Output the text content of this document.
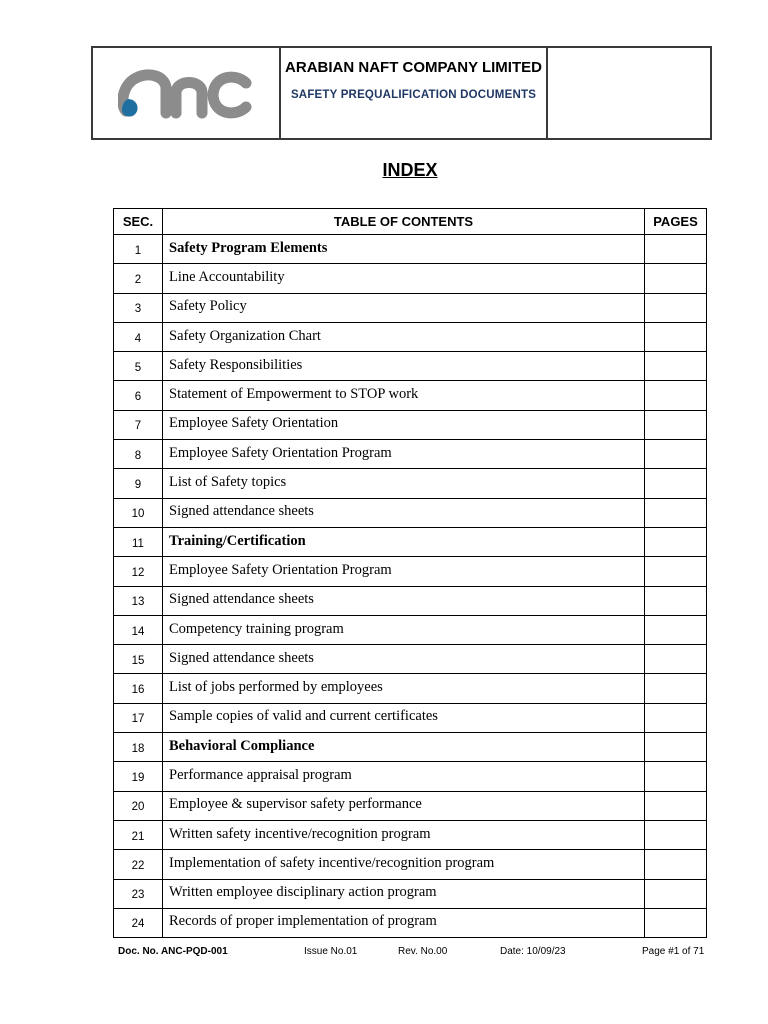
ARABIAN NAFT COMPANY LIMITED
SAFETY PREQUALIFICATION DOCUMENTS
INDEX
SEC.	TABLE OF CONTENTS	PAGES
1	Safety Program Elements	
2	Line Accountability	
3	Safety Policy	
4	Safety Organization Chart	
5	Safety Responsibilities	
6	Statement of Empowerment to STOP work	
7	Employee Safety Orientation	
8	Employee Safety Orientation Program	
9	List of Safety topics	
10	Signed attendance sheets	
11	Training/Certification	
12	Employee Safety Orientation Program	
13	Signed attendance sheets	
14	Competency training program	
15	Signed attendance sheets	
16	List of jobs performed by employees	
17	Sample copies of valid and current certificates	
18	Behavioral Compliance	
19	Performance appraisal program	
20	Employee & supervisor safety performance	
21	Written safety incentive/recognition program	
22	Implementation of safety incentive/recognition program	
23	Written employee disciplinary action program	
24	Records of proper implementation of program	
Doc. No. ANC-PQD-001	Issue No.01	Rev. No.00	Date: 10/09/23	Page #1 of 71
